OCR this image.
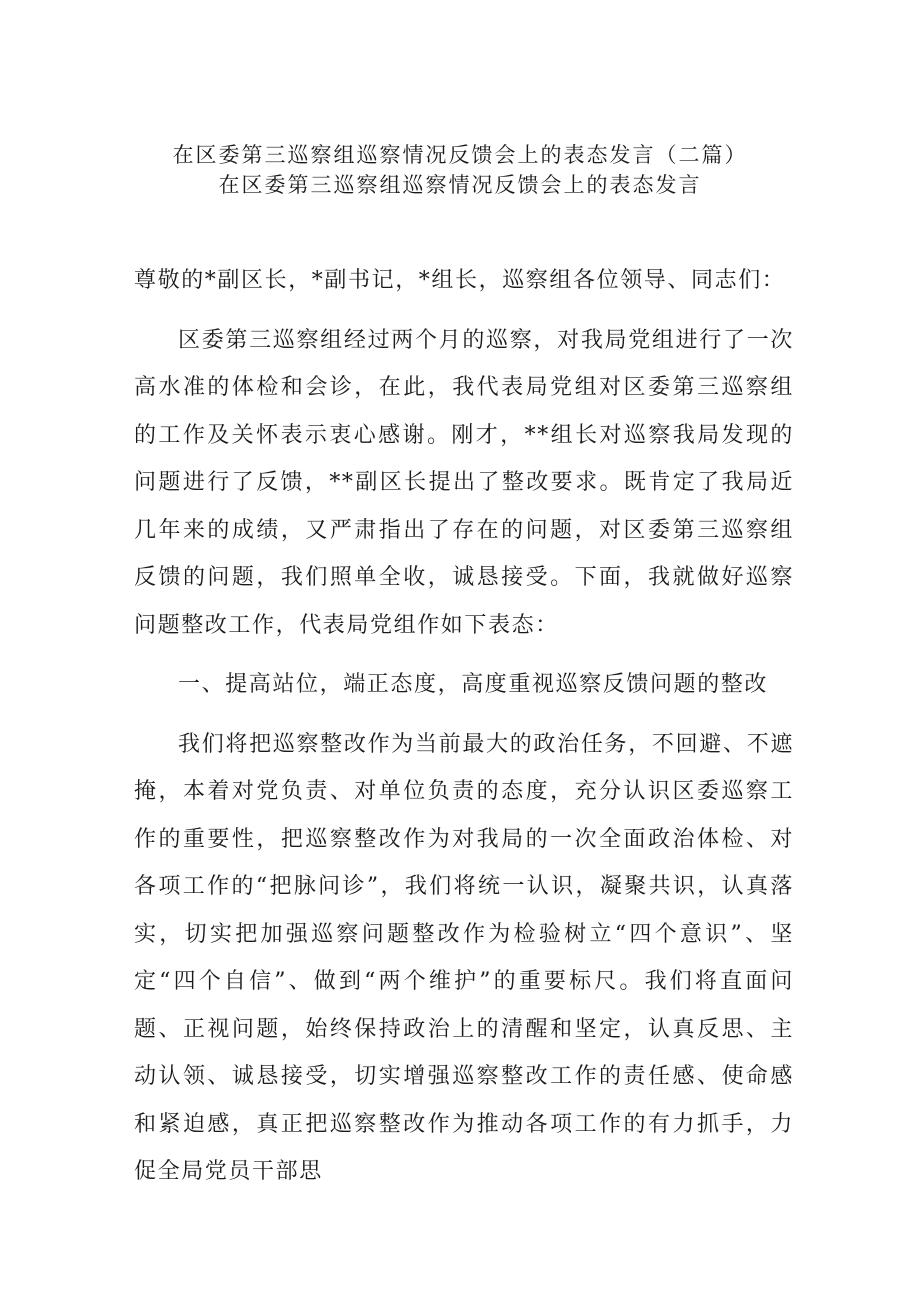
在区委第三巡察组巡察情况反馈会上的表态发言（二篇）
在区委第三巡察组巡察情况反馈会上的表态发言

尊敬的*副区长，*副书记，*组长，巡察组各位领导、同志们：

区委第三巡察组经过两个月的巡察，对我局党组进行了一次高水准的体检和会诊，在此，我代表局党组对区委第三巡察组的工作及关怀表示衷心感谢。刚才，**组长对巡察我局发现的问题进行了反馈，**副区长提出了整改要求。既肯定了我局近几年来的成绩，又严肃指出了存在的问题，对区委第三巡察组反馈的问题，我们照单全收，诚恳接受。下面，我就做好巡察问题整改工作，代表局党组作如下表态：

一、提高站位，端正态度，高度重视巡察反馈问题的整改

我们将把巡察整改作为当前最大的政治任务，不回避、不遮掩，本着对党负责、对单位负责的态度，充分认识区委巡察工作的重要性，把巡察整改作为对我局的一次全面政治体检、对各项工作的“把脉问诊”，我们将统一认识，凝聚共识，认真落实，切实把加强巡察问题整改作为检验树立“四个意识”、坚定“四个自信”、做到“两个维护”的重要标尺。我们将直面问题、正视问题，始终保持政治上的清醒和坚定，认真反思、主动认领、诚恳接受，切实增强巡察整改工作的责任感、使命感和紧迫感，真正把巡察整改作为推动各项工作的有力抓手，力促全局党员干部思
